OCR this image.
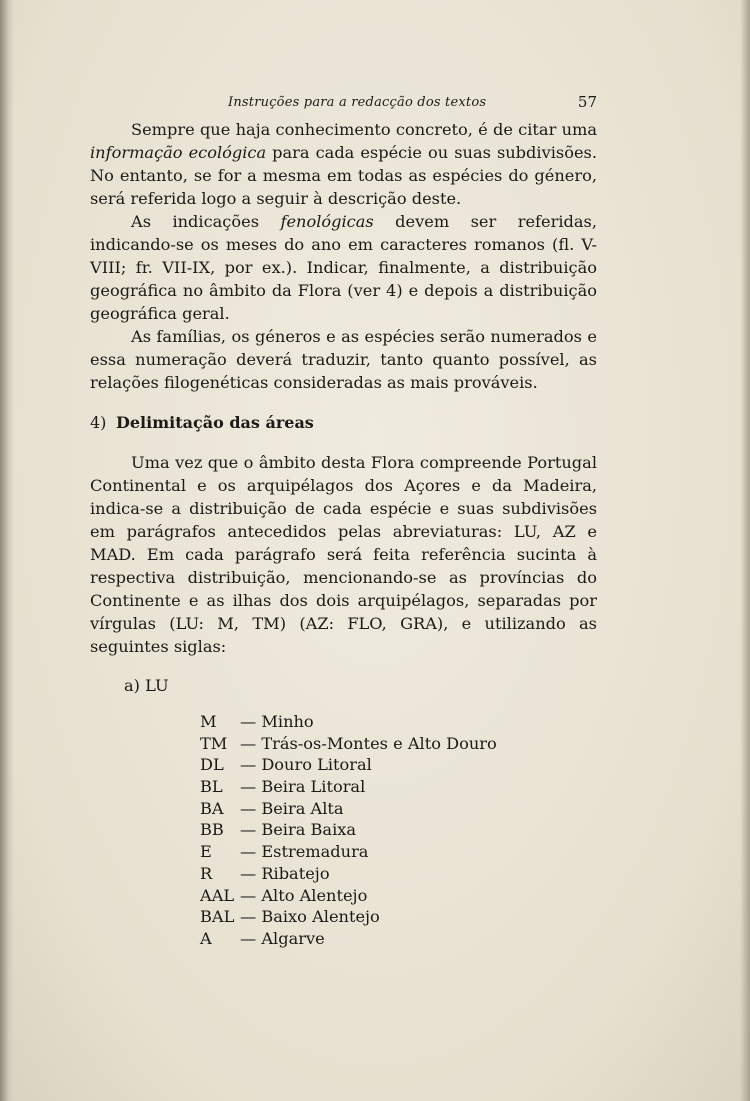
Instruções para a redacção dos textos	57

Sempre que haja conhecimento concreto, é de citar uma informação ecológica para cada espécie ou suas subdivisões. No entanto, se for a mesma em todas as espécies do género, será referida logo a seguir à descrição deste.

As indicações fenológicas devem ser referidas, indicando-se os meses do ano em caracteres romanos (fl. V-VIII; fr. VII-IX, por ex.). Indicar, finalmente, a distribuição geográfica no âmbito da Flora (ver 4) e depois a distribuição geográfica geral.

As famílias, os géneros e as espécies serão numerados e essa numeração deverá traduzir, tanto quanto possível, as relações filogenéticas consideradas as mais prováveis.

4) Delimitação das áreas

Uma vez que o âmbito desta Flora compreende Portugal Continental e os arquipélagos dos Açores e da Madeira, indica-se a distribuição de cada espécie e suas subdivisões em parágrafos antecedidos pelas abreviaturas: LU, AZ e MAD. Em cada parágrafo será feita referência sucinta à respectiva distribuição, mencionando-se as províncias do Continente e as ilhas dos dois arquipélagos, separadas por vírgulas (LU: M, TM) (AZ: FLO, GRA), e utilizando as seguintes siglas:

a) LU
M	— Minho
TM — Trás-os-Montes e Alto Douro
DL	— Douro Litoral
BL	— Beira Litoral
BA	— Beira Alta
BB	— Beira Baixa
E	— Estremadura
R	— Ribatejo
AAL — Alto Alentejo
BAL — Baixo Alentejo
A	— Algarve
